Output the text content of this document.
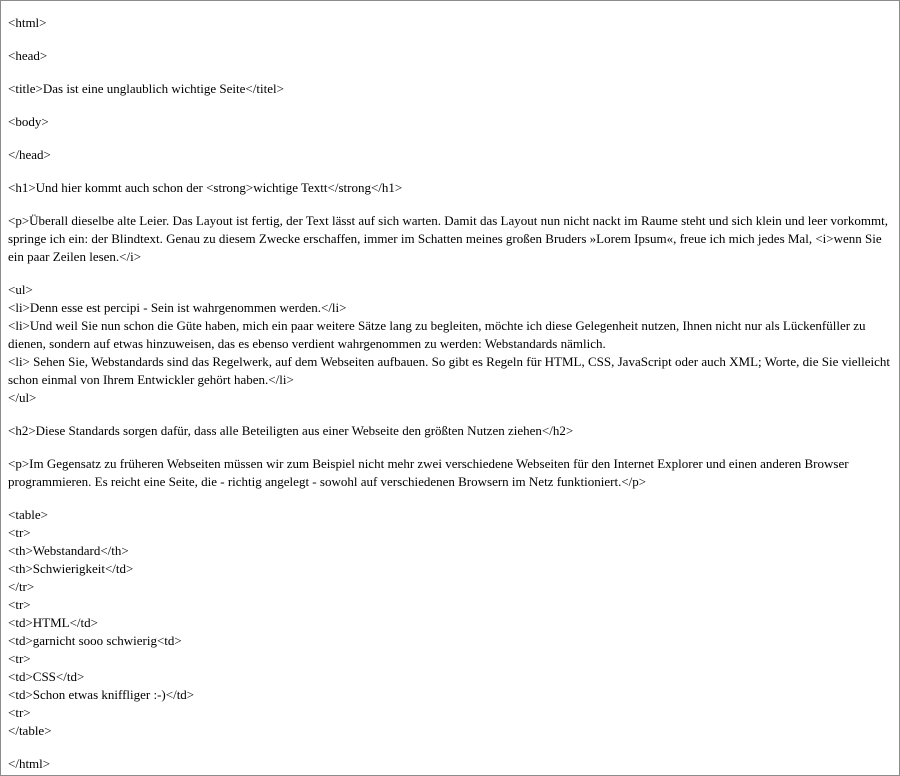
<html>
<head>
<title>Das ist eine unglaublich wichtige Seite</titel>
<body>
</head>
<h1>Und hier kommt auch schon der <strong>wichtige Textt</strong</h1>
<p>Überall dieselbe alte Leier. Das Layout ist fertig, der Text lässt auf sich warten. Damit das Layout nun nicht nackt im Raume steht und sich klein und leer vorkommt, springe ich ein: der Blindtext. Genau zu diesem Zwecke erschaffen, immer im Schatten meines großen Bruders »Lorem Ipsum«, freue ich mich jedes Mal, <i>wenn Sie ein paar Zeilen lesen.</i>
<ul>
<li>Denn esse est percipi - Sein ist wahrgenommen werden.</li>
<li>Und weil Sie nun schon die Güte haben, mich ein paar weitere Sätze lang zu begleiten, möchte ich diese Gelegenheit nutzen, Ihnen nicht nur als Lückenfüller zu dienen, sondern auf etwas hinzuweisen, das es ebenso verdient wahrgenommen zu werden: Webstandards nämlich.
<li> Sehen Sie, Webstandards sind das Regelwerk, auf dem Webseiten aufbauen. So gibt es Regeln für HTML, CSS, JavaScript oder auch XML; Worte, die Sie vielleicht schon einmal von Ihrem Entwickler gehört haben.</li>
</ul>
<h2>Diese Standards sorgen dafür, dass alle Beteiligten aus einer Webseite den größten Nutzen ziehen</h2>
<p>Im Gegensatz zu früheren Webseiten müssen wir zum Beispiel nicht mehr zwei verschiedene Webseiten für den Internet Explorer und einen anderen Browser programmieren. Es reicht eine Seite, die - richtig angelegt - sowohl auf verschiedenen Browsern im Netz funktioniert.</p>
<table>
<tr>
<th>Webstandard</th>
<th>Schwierigkeit</td>
</tr>
<tr>
<td>HTML</td>
<td>garnicht sooo schwierig<td>
<tr>
<td>CSS</td>
<td>Schon etwas kniffliger :-)</td>
<tr>
</table>
</html>
